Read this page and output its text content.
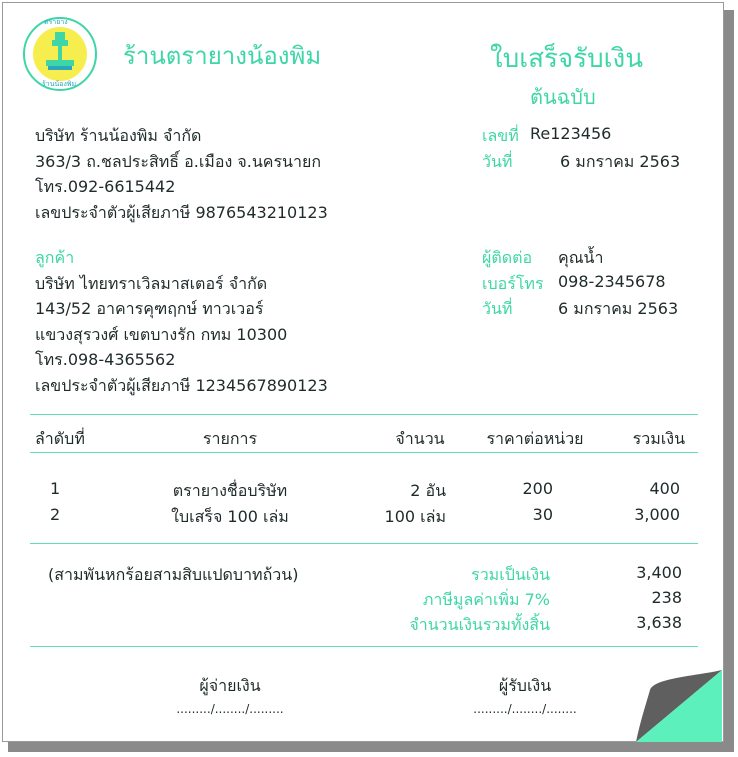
ตรายาง
ร้านน้องพิม
ร้านตรายางน้องพิม	ใบเสร็จรับเงิน
ต้นฉบับ
บริษัท ร้านน้องพิม จำกัด
363/3 ถ.ชลประสิทธิ์ อ.เมือง จ.นครนายก
โทร.092-6615442
เลขประจำตัวผู้เสียภาษี 9876543210123
เลขที่ Re123456
วันที่	6 มกราคม 2563
ลูกค้า
บริษัท ไทยทราเวิลมาสเตอร์ จำกัด
143/52 อาคารคุฑฤกษ์ ทาวเวอร์
แขวงสุรวงศ์ เขตบางรัก กทม 10300
โทร.098-4365562
เลขประจำตัวผู้เสียภาษี 1234567890123
ผู้ติดต่อ คุณน้ำ
เบอร์โทร 098-2345678
วันที่	6 มกราคม 2563
ลำดับที่	รายการ	จำนวน	ราคาต่อหน่วย	รวมเงิน
1	ตรายางชื่อบริษัท	2 อัน	200	400
2	ใบเสร็จ 100 เล่ม	100 เล่ม	30	3,000
(สามพันหกร้อยสามสิบแปดบาทถ้วน)	รวมเป็นเงิน	3,400
ภาษีมูลค่าเพิ่ม 7%	238
จำนวนเงินรวมทั้งสิ้น	3,638
ผู้จ่ายเงิน
........./......../.........
ผู้รับเงิน
........./......../........
